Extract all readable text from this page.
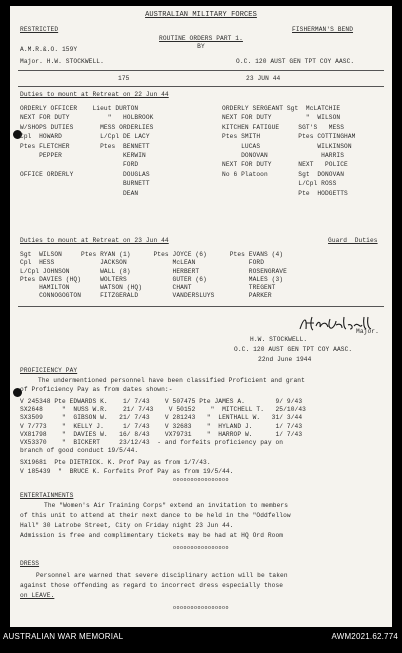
AUSTRALIAN MILITARY FORCES
RESTRICTED	FISHERMAN'S BEND
ROUTINE ORDERS PART 1.
BY
A.M.R.&.O. 159Y
Major. H.W. STOCKWELL.	O.C. 120 AUST GEN TPT COY AASC.
175	23 JUN 44
Duties to mount at Retreat on 22 Jun 44
ORDERLY OFFICER    Lieut DURTON
NEXT FOR DUTY          "   HOLBROOK
W/SHOPS DUTIES       MESS ORDERLIES
Cpl  HOWARD          L/Cpl DE LACY
Ptes FLETCHER        Ptes  BENNETT
PEPPER                KERWIN
FORD
OFFICE ORDERLY             DOUGLAS
BURNETT
DEAN
ORDERLY SERGEANT Sgt  McLATCHIE
NEXT FOR DUTY         "  WILSON
KITCHEN FATIGUE     SGT'S   MESS
Ptes SMITH          Ptes COTTINGHAM
LUCAS               WILKINSON
DONOVAN              HARRIS
NEXT FOR DUTY       NEXT   POLICE
No 6 Platoon        Sgt  DONOVAN
L/Cpl ROSS
Pte  HODGETTS
Duties to mount at Retreat on 23 Jun 44	Guard  Duties
Sgt  WILSON     Ptes RYAN (1)      Ptes JOYCE (6)      Ptes EVANS (4)
Cpl  HESS            JACKSON            McLEAN              FORD
L/Cpl JOHNSON        WALL (8)           HERBERT             ROSENGRAVE
Ptes DAVIES (HQ)     WOLTERS            GUTER (6)           MALES (3)
HAMILTON        WATSON (HQ)        CHANT               TREGENT
CONNOGOGTON     FITZGERALD         VANDERSLUYS         PARKER
Major.
H.W. STOCKWELL.
O.C. 120 AUST GEN TPT COY AASC.
22nd June 1944
PROFICIENCY PAY
The undermentioned personnel have been classified Proficient and grant
of Proficiency Pay as from dates shown:-
V 245348 Pte EDWARDS K.    1/ 7/43    V 507475 Pte JAMES A.        9/ 9/43
SX2648     "  NUSS W.R.    21/ 7/43    V 50152    "  MITCHELL T.   25/10/43
SX3509     "  GIBSON W.   21/ 7/43    V 281243   "  LENTHALL W.   31/ 3/44
V 7/773    "  KELLY J.     1/ 7/43    V 32683    "  HYLAND J.      1/ 7/43
VX81798    "  DAVIES W.   16/ 8/43    VX79731    "  HARROP W.      1/ 7/43
VX53370    "  BICKERT     23/12/43  - and forfeits proficiency pay on
branch of good conduct 19/5/44.
SX19681  Pte DIETRICK. K. Prof Pay as from 1/7/43.
V 185439  "  BRUCE K. Forfeits Prof Pay as from 19/5/44.
oooooooooooooooo
ENTERTAINMENTS
The "Women's Air Training Corps" extend an invitation to members
of this unit to attend at their next dance to be held in the "Oddfellow
Hall" 30 Latrobe Street, City on Friday night 23 Jun 44.
Admission is free and complimentary tickets may be had at HQ Ord Room
oooooooooooooooo
DRESS
Personnel are warned that severe disciplinary action will be taken
against those offending as regard to incorrect dress especially those
on LEAVE.
oooooooooooooooo
AUSTRALIAN WAR MEMORIAL	AWM2021.62.774
